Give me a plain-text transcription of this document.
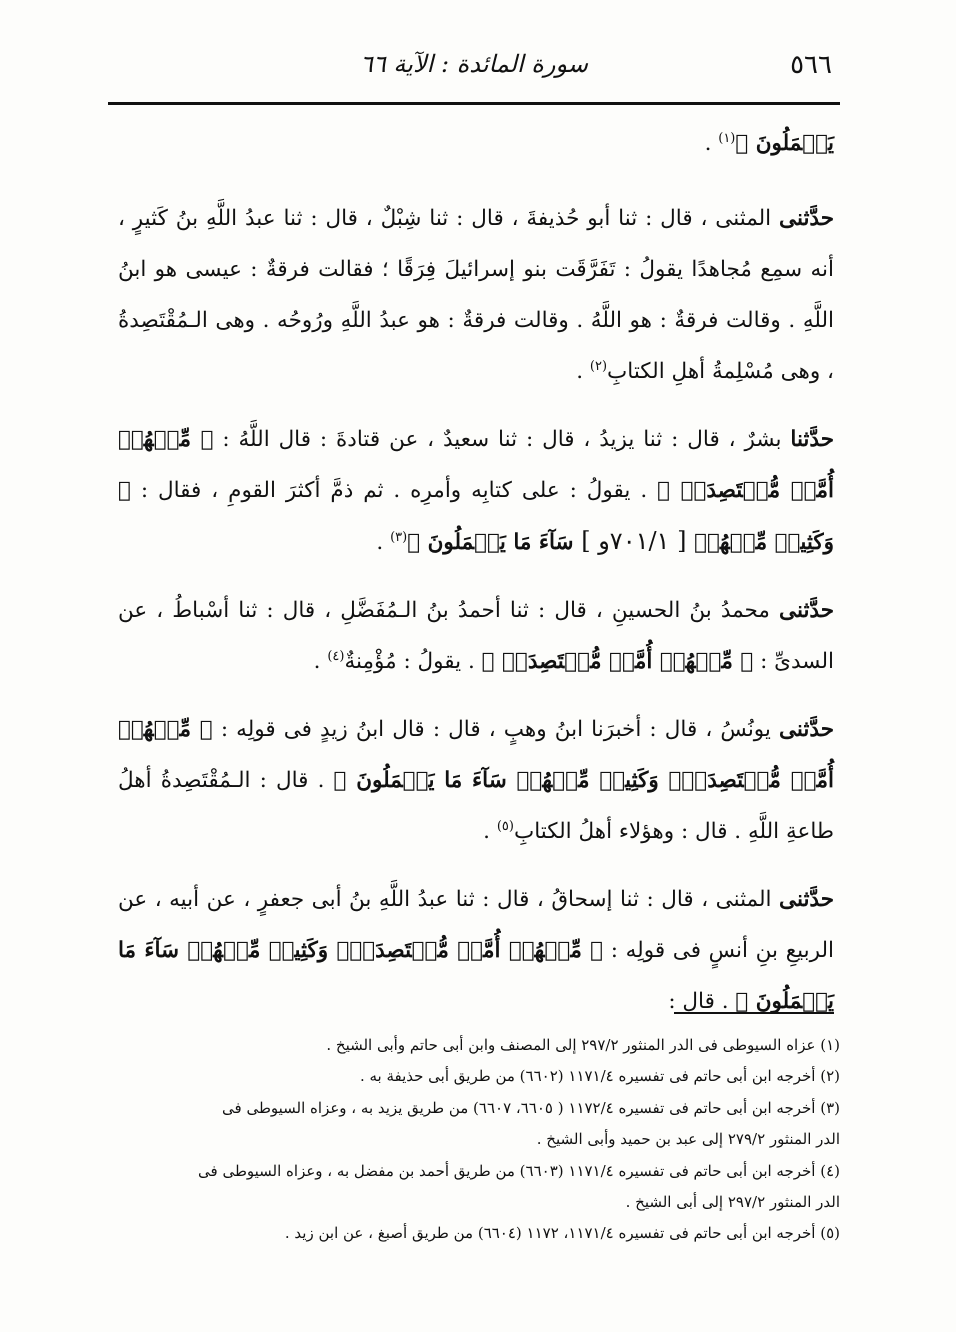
٥٦٦
سورة المائدة : الآية ٦٦

يَعۡمَلُونَ ﴾$^{(١)}$ .

حدَّثنى المثنى ، قال : ثنا أبو حُذيفةَ ، قال : ثنا شِبْلٌ ، قال : ثنا عبدُ اللَّهِ بنُ كَثيرٍ ، أنه سمِع مُجاهدًا يقولُ : تَفَرَّقَت بنو إسرائيلَ فِرَقًا ؛ فقالت فرقةٌ : عيسى هو ابنُ اللَّهِ . وقالت فرقةٌ : هو اللَّهُ . وقالت فرقةٌ : هو عبدُ اللَّهِ ورُوحُه . وهى الـمُقْتَصِدةُ ، وهى مُسْلِمةُ أهلِ الكتابِ$^{(٢)}$ .

حدَّثنا بشرٌ ، قال : ثنا يزيدُ ، قال : ثنا سعيدٌ ، عن قتادةَ : قال اللَّهُ : ﴿ مِّنۡهُمۡ أُمَّةٞ مُّقۡتَصِدَةٞ ﴾ . يقولُ : على كتابِه وأمرِه . ثم ذمَّ أكثرَ القومِ ، فقال : ﴿ وَكَثِيرٞ مِّنۡهُمۡ [ ٧٠١/١و ] سَآءَ مَا يَعۡمَلُونَ ﴾$^{(٣)}$ .

حدَّثنى محمدُ بنُ الحسينِ ، قال : ثنا أحمدُ بنُ الـمُفَضَّلِ ، قال : ثنا أسْباطُ ، عن السدىِّ : ﴿ مِّنۡهُمۡ أُمَّةٞ مُّقۡتَصِدَةٞ ﴾ . يقولُ : مُؤْمِنةٌ$^{(٤)}$ .

حدَّثنى يونُسُ ، قال : أخبرَنا ابنُ وهبٍ ، قال : قال ابنُ زيدٍ فى قولِه : ﴿ مِّنۡهُمۡ أُمَّةٞ مُّقۡتَصِدَةٞۖ وَكَثِيرٞ مِّنۡهُمۡ سَآءَ مَا يَعۡمَلُونَ ﴾ . قال : الـمُقْتَصِدةُ أهلُ طاعةِ اللَّهِ . قال : وهؤلاء أهلُ الكتابِ$^{(٥)}$ .

حدَّثنى المثنى ، قال : ثنا إسحاقُ ، قال : ثنا عبدُ اللَّهِ بنُ أبى جعفرٍ ، عن أبيه ، عن الربيعِ بنِ أنسٍ فى قولِه : ﴿ مِّنۡهُمۡ أُمَّةٞ مُّقۡتَصِدَةٞۖ وَكَثِيرٞ مِّنۡهُمۡ سَآءَ مَا يَعۡمَلُونَ ﴾ . قال :

(١) عزاه السيوطى فى الدر المنثور ٢٩٧/٢ إلى المصنف وابن أبى حاتم وأبى الشيخ .

(٢) أخرجه ابن أبى حاتم فى تفسيره ١١٧١/٤ (٦٦٠٢) من طريق أبى حذيفة به .

(٣) أخرجه ابن أبى حاتم فى تفسيره ١١٧٢/٤ ( ٦٦٠٥، ٦٦٠٧) من طريق يزيد به ، وعزاه السيوطى فى
الدر المنثور ٢٧٩/٢ إلى عبد بن حميد وأبى الشيخ .

(٤) أخرجه ابن أبى حاتم فى تفسيره ١١٧١/٤ (٦٦٠٣) من طريق أحمد بن مفضل به ، وعزاه السيوطى فى
الدر المنثور ٢٩٧/٢ إلى أبى الشيخ .

(٥) أخرجه ابن أبى حاتم فى تفسيره ١١٧١/٤، ١١٧٢ (٦٦٠٤) من طريق أصبغ ، عن ابن زيد .
